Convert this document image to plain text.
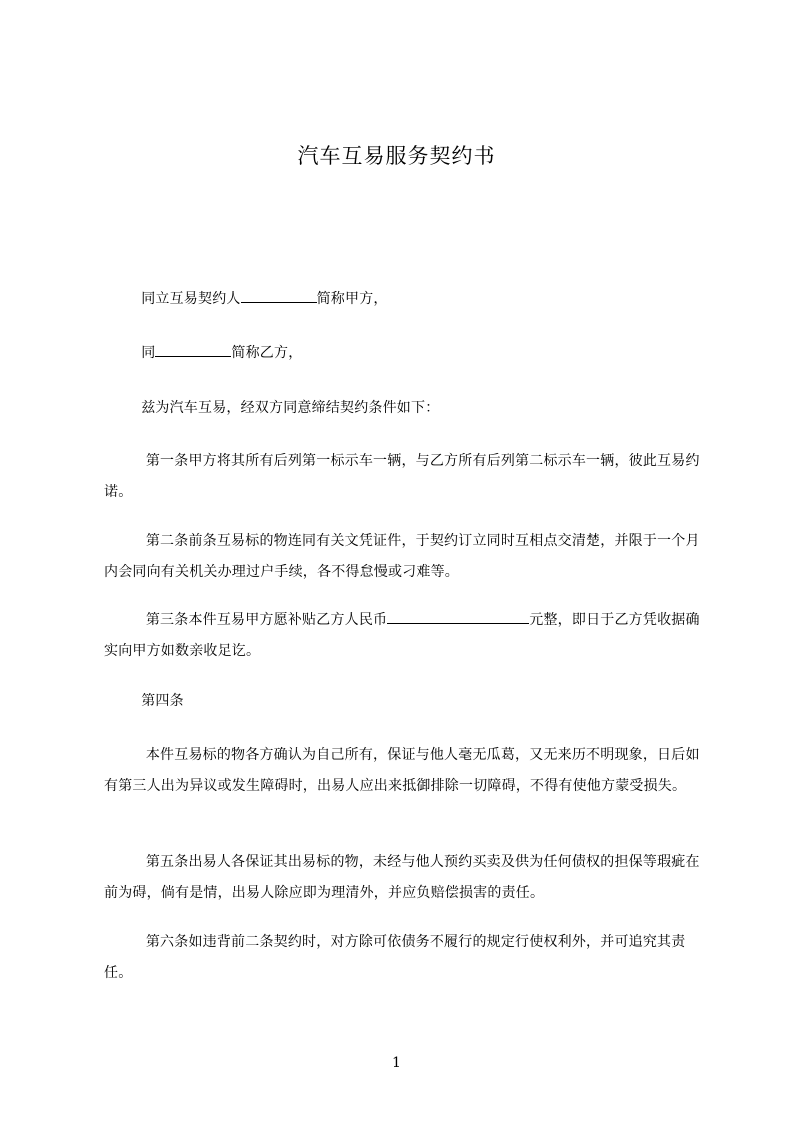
汽车互易服务契约书
同立互易契约人	简称甲方，
同	简称乙方，
兹为汽车互易，经双方同意缔结契约条件如下：
第一条甲方将其所有后列第一标示车一辆，与乙方所有后列第二标示车一辆，彼此互易约诺。
第二条前条互易标的物连同有关文凭证件，于契约订立同时互相点交清楚，并限于一个月内会同向有关机关办理过户手续，各不得怠慢或刁难等。
第三条本件互易甲方愿补贴乙方人民币	元整，即日于乙方凭收据确实向甲方如数亲收足讫。
第四条
本件互易标的物各方确认为自己所有，保证与他人毫无瓜葛，又无来历不明现象，日后如有第三人出为异议或发生障碍时，出易人应出来抵御排除一切障碍，不得有使他方蒙受损失。
第五条出易人各保证其出易标的物，未经与他人预约买卖及供为任何债权的担保等瑕疵在前为碍，倘有是情，出易人除应即为理清外，并应负赔偿损害的责任。
第六条如违背前二条契约时，对方除可依债务不履行的规定行使权利外，并可追究其责任。
1
